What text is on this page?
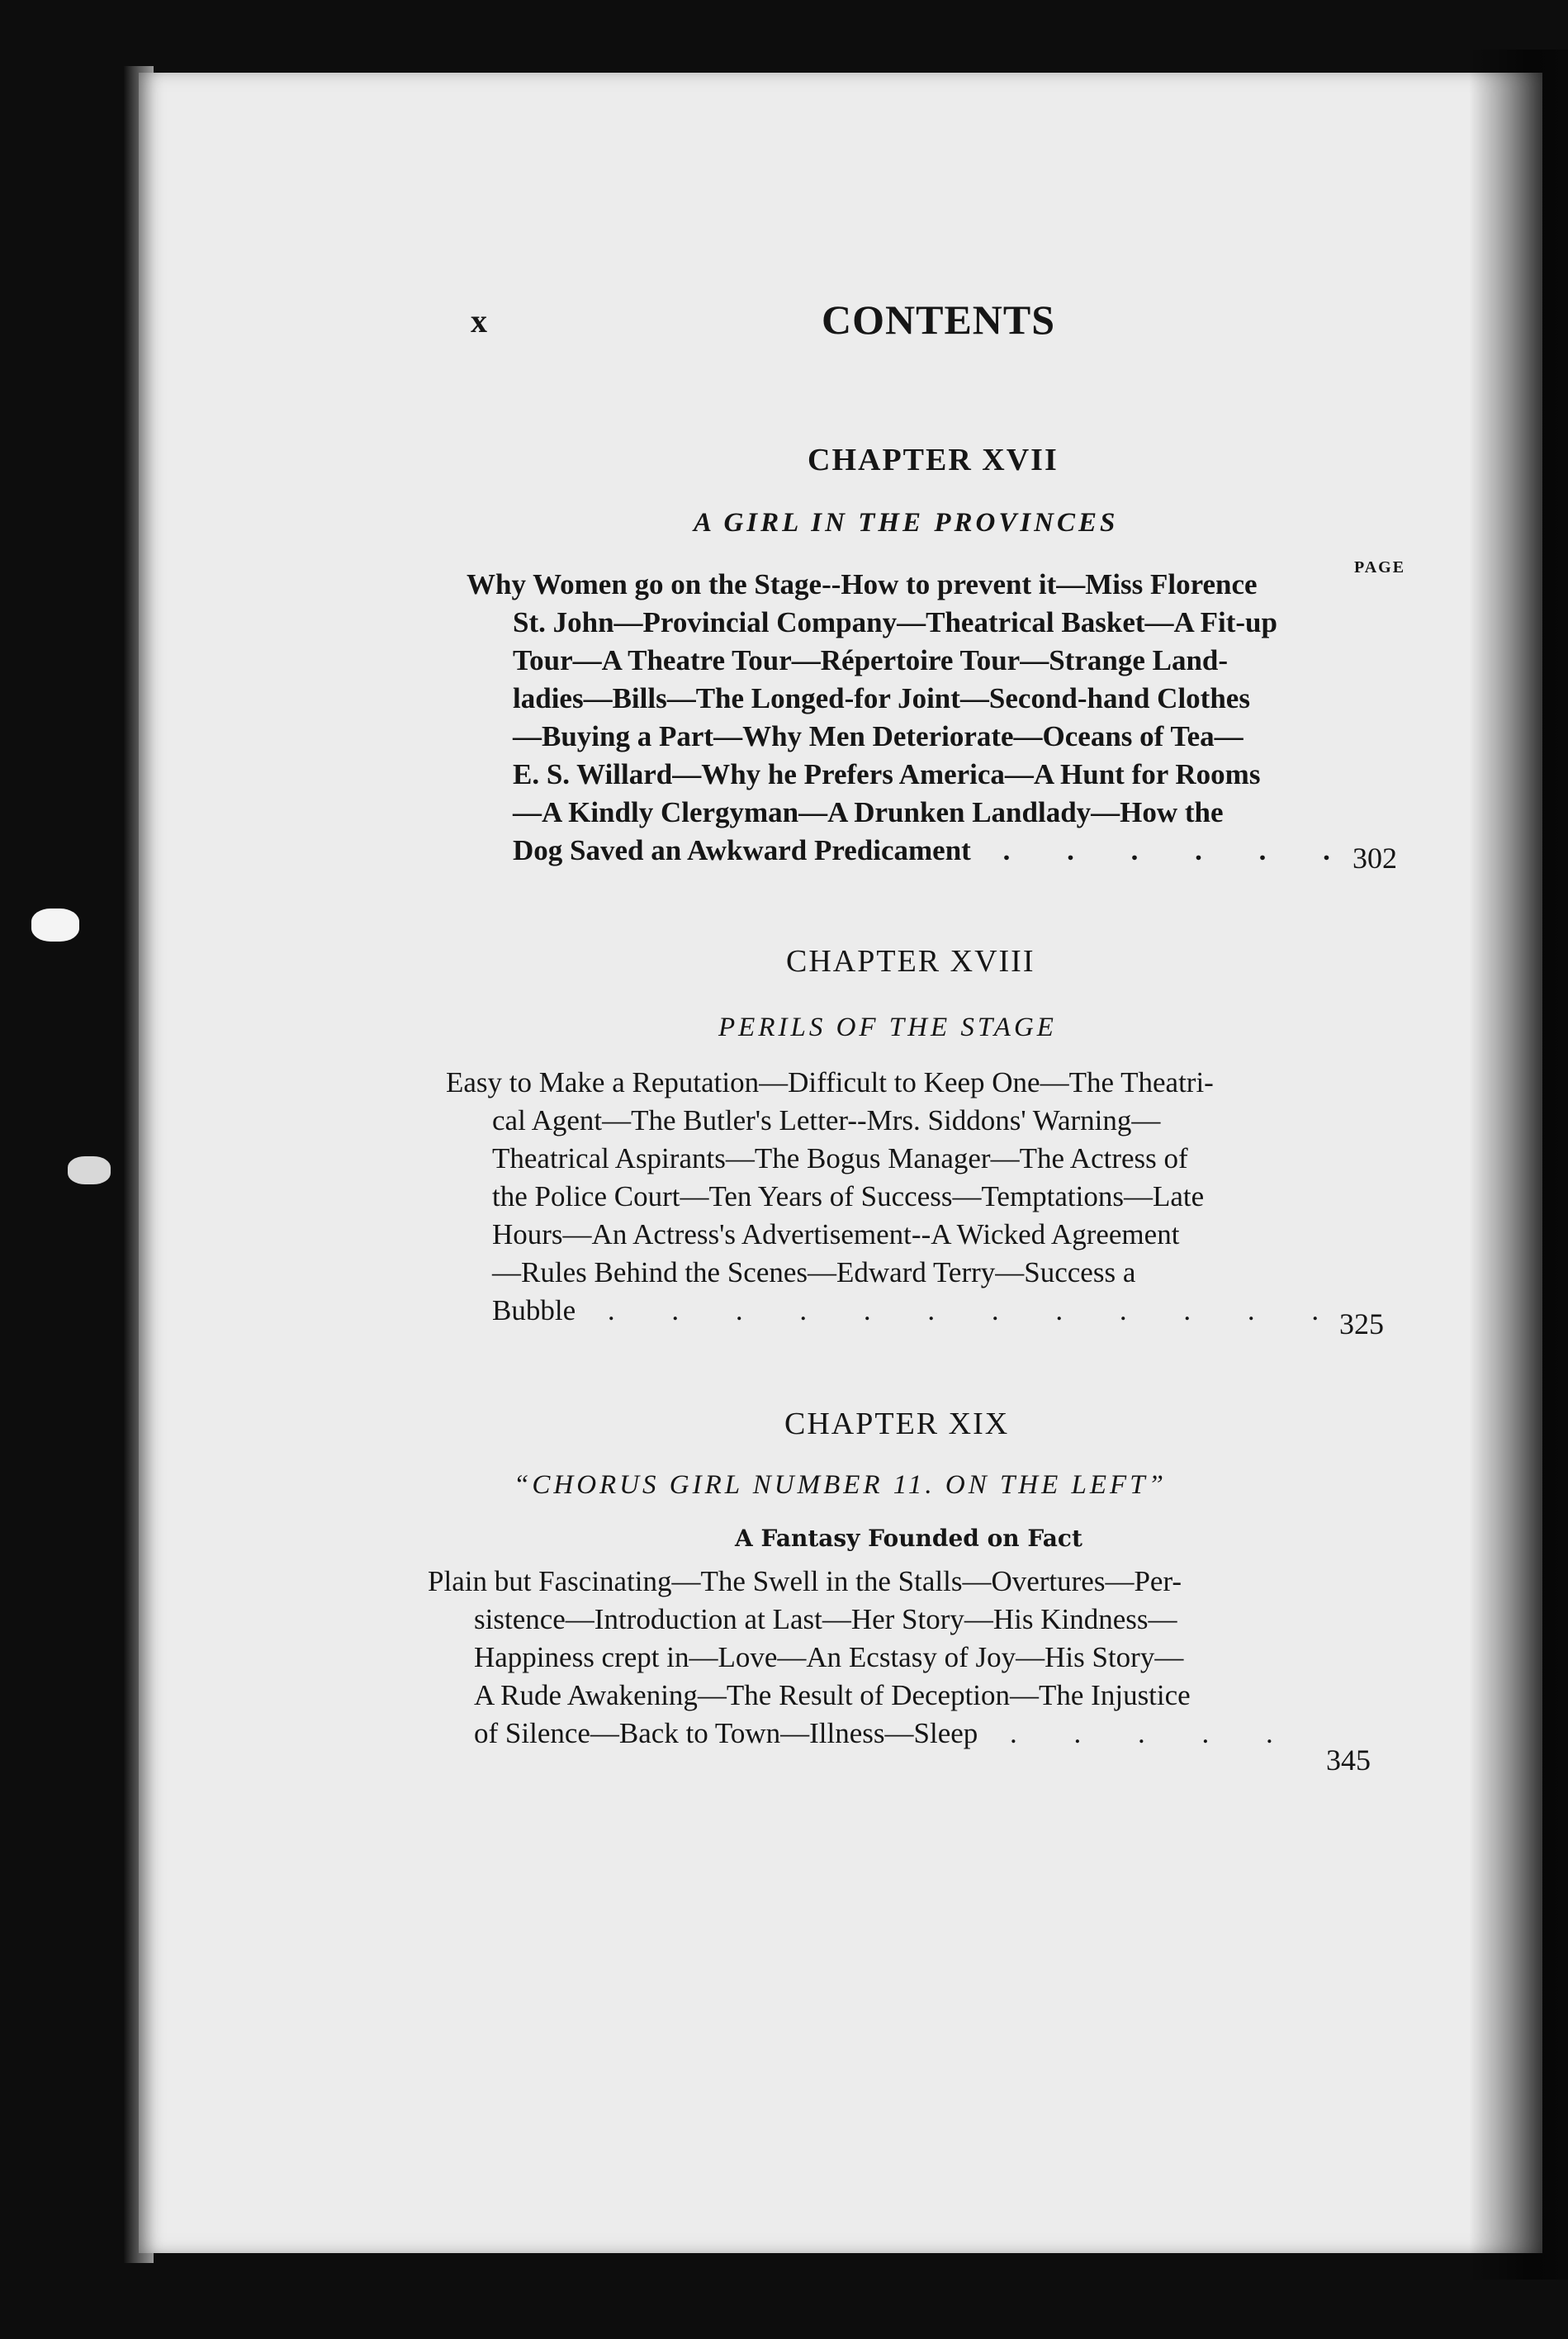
x	CONTENTS
CHAPTER XVII
A GIRL IN THE PROVINCES
PAGE
Why Women go on the Stage--How to prevent it—Miss Florence
St. John—Provincial Company—Theatrical Basket—A Fit-up
Tour—A Theatre Tour—Répertoire Tour—Strange Land-
ladies—Bills—The Longed-for Joint—Second-hand Clothes
—Buying a Part—Why Men Deteriorate—Oceans of Tea—
E. S. Willard—Why he Prefers America—A Hunt for Rooms
—A Kindly Clergyman—A Drunken Landlady—How the
Dog Saved an Awkward Predicament . . . . . .
302
CHAPTER XVIII
PERILS OF THE STAGE
Easy to Make a Reputation—Difficult to Keep One—The Theatri-
cal Agent—The Butler's Letter--Mrs. Siddons' Warning—
Theatrical Aspirants—The Bogus Manager—The Actress of
the Police Court—Ten Years of Success—Temptations—Late
Hours—An Actress's Advertisement--A Wicked Agreement
—Rules Behind the Scenes—Edward Terry—Success a
Bubble . . . . . . . . . . . .
325
CHAPTER XIX
“CHORUS GIRL NUMBER 11. ON THE LEFT”
A Fantasy Founded on Fact
Plain but Fascinating—The Swell in the Stalls—Overtures—Per-
sistence—Introduction at Last—Her Story—His Kindness—
Happiness crept in—Love—An Ecstasy of Joy—His Story—
A Rude Awakening—The Result of Deception—The Injustice
of Silence—Back to Town—Illness—Sleep . . . . .
345
